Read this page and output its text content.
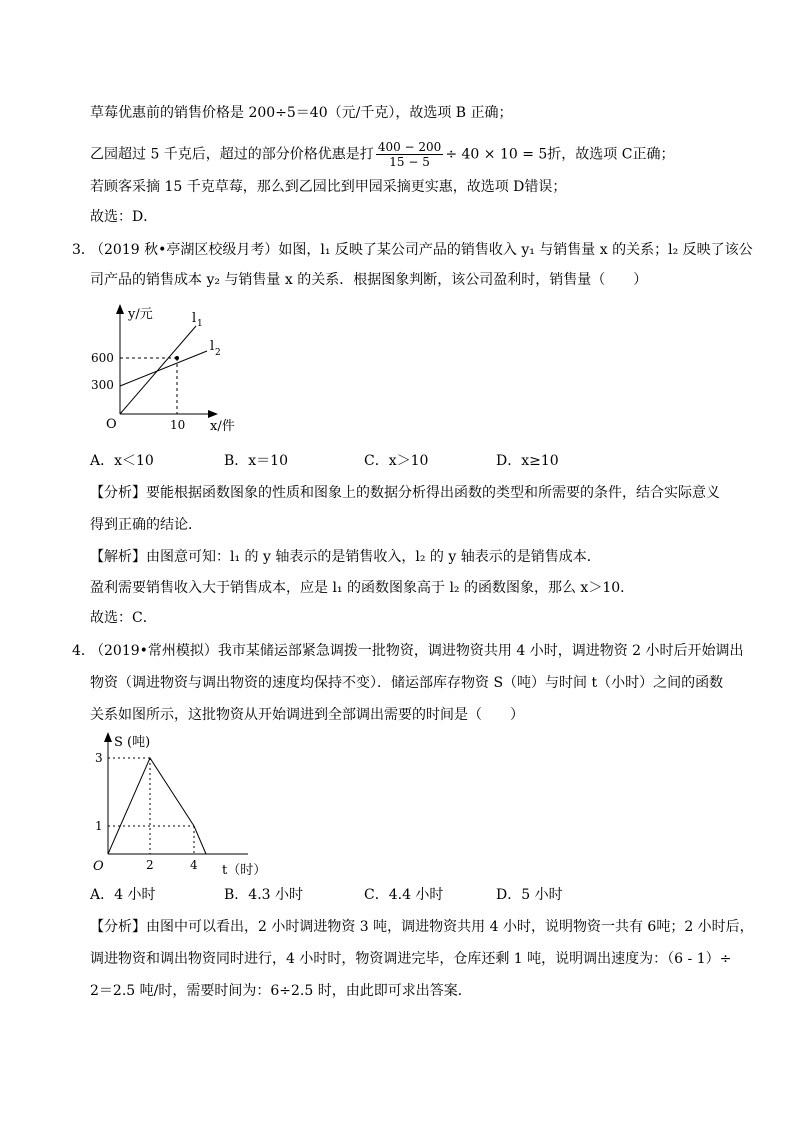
草莓优惠前的销售价格是 200÷5＝40（元/千克），故选项 B 正确；
乙园超过 5 千克后，超过的部分价格优惠是打 $\frac{400 - 200}{15 - 5} \div 40 \times 10 = 5$折，故选项 C正确；
若顾客采摘 15 千克草莓，那么到乙园比到甲园采摘更实惠，故选项 D错误；
故选：D．
3．
（2019 秋•亭湖区校级月考）如图，l₁ 反映了某公司产品的销售收入 y₁ 与销售量 x 的关系；l₂ 反映了该公
司产品的销售成本 y₂ 与销售量 x 的关系．根据图象判断，该公司盈利时，销售量（　　）
y/元
x/件
O
600
300
10
l 1
l 2
A．x＜10	B．x＝10	C．x＞10	D．x≥10
【分析】要能根据函数图象的性质和图象上的数据分析得出函数的类型和所需要的条件，结合实际意义
得到正确的结论．
【解析】由图意可知：l₁ 的 y 轴表示的是销售收入，l₂ 的 y 轴表示的是销售成本．
盈利需要销售收入大于销售成本，应是 l₁ 的函数图象高于 l₂ 的函数图象，那么 x＞10．
故选：C．
4．
（2019•常州模拟）我市某储运部紧急调拨一批物资，调进物资共用 4 小时，调进物资 2 小时后开始调出
物资（调进物资与调出物资的速度均保持不变）．储运部库存物资 S（吨）与时间 t（小时）之间的函数
关系如图所示，这批物资从开始调进到全部调出需要的时间是（　　）
S (吨)
t（时）
O
3
1
2	4
A．4 小时	B．4.3 小时	C．4.4 小时	D．5 小时
【分析】由图中可以看出，2 小时调进物资 3 吨，调进物资共用 4 小时，说明物资一共有 6吨；2 小时后，
调进物资和调出物资同时进行，4 小时时，物资调进完毕，仓库还剩 1 吨，说明调出速度为：（6 - 1）÷
2＝2.5 吨/时，需要时间为：6÷2.5 时，由此即可求出答案．
